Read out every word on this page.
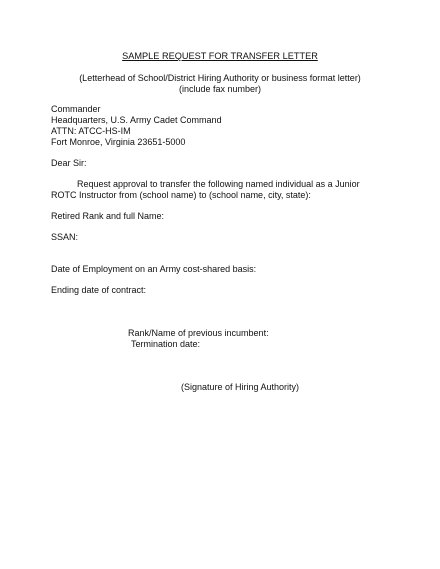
SAMPLE REQUEST FOR TRANSFER LETTER
(Letterhead of School/District Hiring Authority or business format letter)
(include fax number)
Commander
Headquarters, U.S. Army Cadet Command
ATTN: ATCC-HS-IM
Fort Monroe, Virginia 23651-5000
Dear Sir:
Request approval to transfer the following named individual as a Junior
ROTC Instructor from (school name) to (school name, city, state):
Retired Rank and full Name:
SSAN:
Date of Employment on an Army cost-shared basis:
Ending date of contract:
Rank/Name of previous incumbent:
Termination date:
(Signature of Hiring Authority)
